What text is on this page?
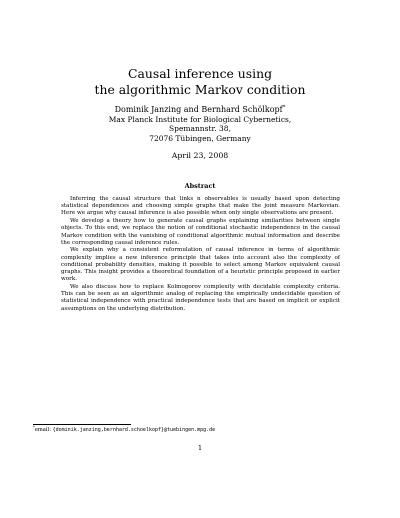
Causal inference using
the algorithmic Markov condition
Dominik Janzing and Bernhard Schölkopf*
Max Planck Institute for Biological Cybernetics,
Spemannstr. 38,
72076 Tübingen, Germany
April 23, 2008
Abstract

Inferring the causal structure that links n observables is usually based upon detecting statistical dependences and choosing simple graphs that make the joint measure Markovian. Here we argue why causal inference is also possible when only single observations are present.

We develop a theory how to generate causal graphs explaining similarities between single objects. To this end, we replace the notion of conditional stochastic independence in the causal Markov condition with the vanishing of conditional algorithmic mutual information and describe the corresponding causal inference rules.

We explain why a consistent reformulation of causal inference in terms of algorithmic complexity implies a new inference principle that takes into account also the complexity of conditional probability densities, making it possible to select among Markov equivalent causal graphs. This insight provides a theoretical foundation of a heuristic principle proposed in earlier work.

We also discuss how to replace Kolmogorov complexity with decidable complexity criteria. This can be seen as an algorithmic analog of replacing the empirically undecidable question of statistical independence with practical independence tests that are based on implicit or explicit assumptions on the underlying distribution.

*email: {dominik.janzing,bernhard.schoelkopf}@tuebingen.mpg.de
1
